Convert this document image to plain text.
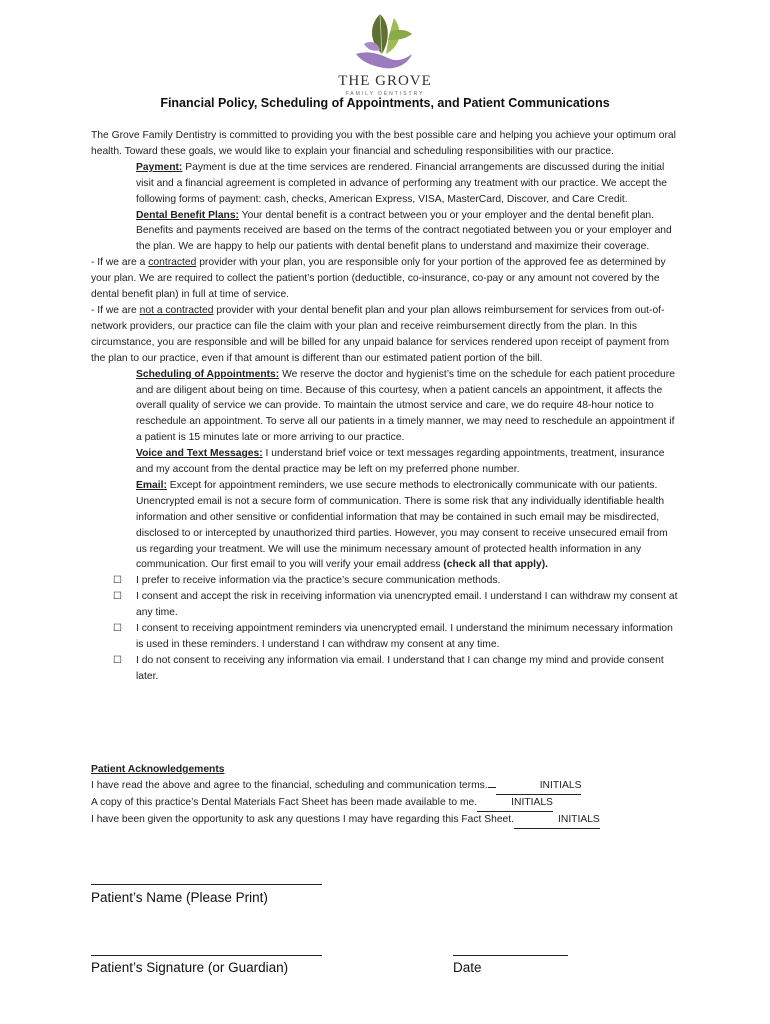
THE GROVE
FAMILY DENTISTRY
Financial Policy, Scheduling of Appointments, and Patient Communications

The Grove Family Dentistry is committed to providing you with the best possible care and helping you achieve your optimum oral health. Toward these goals, we would like to explain your financial and scheduling responsibilities with our practice.

Payment: Payment is due at the time services are rendered. Financial arrangements are discussed during the initial visit and a financial agreement is completed in advance of performing any treatment with our practice. We accept the following forms of payment: cash, checks, American Express, VISA, MasterCard, Discover, and Care Credit.

Dental Benefit Plans: Your dental benefit is a contract between you or your employer and the dental benefit plan. Benefits and payments received are based on the terms of the contract negotiated between you or your employer and the plan. We are happy to help our patients with dental benefit plans to understand and maximize their coverage.

- If we are a contracted provider with your plan, you are responsible only for your portion of the approved fee as determined by your plan. We are required to collect the patient’s portion (deductible, co-insurance, co-pay or any amount not covered by the dental benefit plan) in full at time of service.

- If we are not a contracted provider with your dental benefit plan and your plan allows reimbursement for services from out-of-network providers, our practice can file the claim with your plan and receive reimbursement directly from the plan. In this circumstance, you are responsible and will be billed for any unpaid balance for services rendered upon receipt of payment from the plan to our practice, even if that amount is different than our estimated patient portion of the bill.

Scheduling of Appointments: We reserve the doctor and hygienist’s time on the schedule for each patient procedure and are diligent about being on time. Because of this courtesy, when a patient cancels an appointment, it affects the overall quality of service we can provide. To maintain the utmost service and care, we do require 48-hour notice to reschedule an appointment. To serve all our patients in a timely manner, we may need to reschedule an appointment if a patient is 15 minutes late or more arriving to our practice.

Voice and Text Messages: I understand brief voice or text messages regarding appointments, treatment, insurance and my account from the dental practice may be left on my preferred phone number.

Email: Except for appointment reminders, we use secure methods to electronically communicate with our patients. Unencrypted email is not a secure form of communication. There is some risk that any individually identifiable health information and other sensitive or confidential information that may be contained in such email may be misdirected, disclosed to or intercepted by unauthorized third parties. However, you may consent to receive unsecured email from us regarding your treatment. We will use the minimum necessary amount of protected health information in any communication. Our first email to you will verify your email address (check all that apply).

☐ I prefer to receive information via the practice’s secure communication methods.
☐ I consent and accept the risk in receiving information via unencrypted email. I understand I can withdraw my consent at any time.
☐ I consent to receiving appointment reminders via unencrypted email. I understand the minimum necessary information is used in these reminders. I understand I can withdraw my consent at any time.
☐ I do not consent to receiving any information via email. I understand that I can change my mind and provide consent later.
Patient Acknowledgements
I have read the above and agree to the financial, scheduling and communication terms.	INITIALS
A copy of this practice’s Dental Materials Fact Sheet has been made available to me.	INITIALS
I have been given the opportunity to ask any questions I may have regarding this Fact Sheet.	INITIALS
Patient’s Name (Please Print)
Patient’s Signature (or Guardian)	Date
